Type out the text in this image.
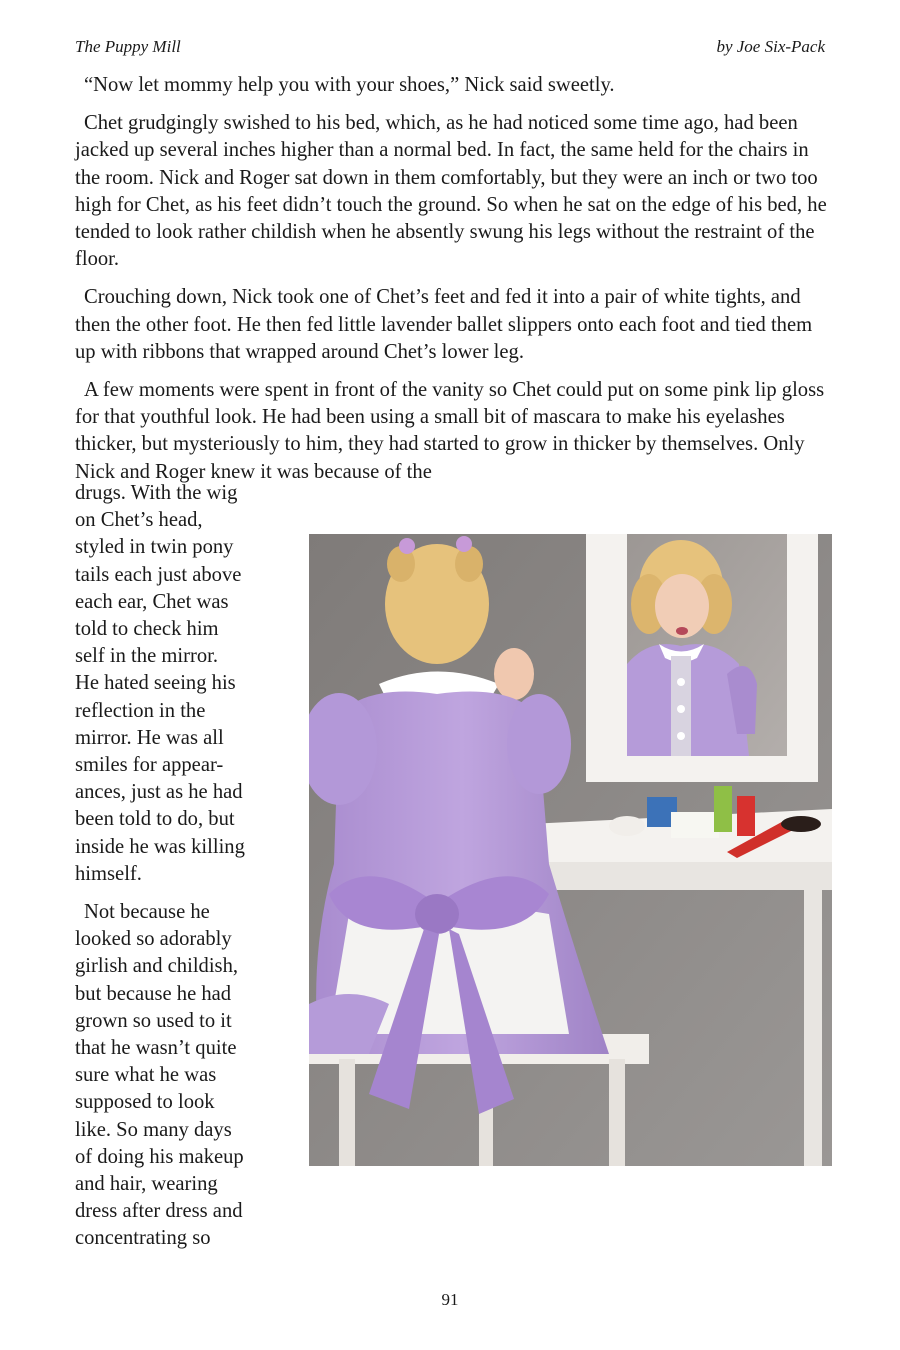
The Puppy Mill	by Joe Six-Pack

“Now let mommy help you with your shoes,” Nick said sweetly.

Chet grudgingly swished to his bed, which, as he had noticed some time ago, had been jacked up several inches higher than a normal bed. In fact, the same held for the chairs in the room. Nick and Roger sat down in them comfortably, but they were an inch or two too high for Chet, as his feet didn’t touch the ground. So when he sat on the edge of his bed, he tended to look rather childish when he absently swung his legs without the restraint of the floor.

Crouching down, Nick took one of Chet’s feet and fed it into a pair of white tights, and then the other foot. He then fed little lavender ballet slippers onto each foot and tied them up with ribbons that wrapped around Chet’s lower leg.

A few moments were spent in front of the vanity so Chet could put on some pink lip gloss for that youthful look. He had been using a small bit of mascara to make his eyelashes thicker, but mysteriously to him, they had started to grow in thicker by themselves. Only Nick and Roger knew it was because of the

drugs. With the wig
on Chet’s head,
styled in twin pony
tails each just above
each ear, Chet was
told to check him
self in the mirror.
He hated seeing his
reflection in the
mirror. He was all
smiles for appear-
ances, just as he had
been told to do, but
inside he was killing
himself.

Not because he
looked so adorably
girlish and childish,
but because he had
grown so used to it
that he wasn’t quite
sure what he was
supposed to look
like. So many days
of doing his makeup
and hair, wearing
dress after dress and
concentrating so

91
